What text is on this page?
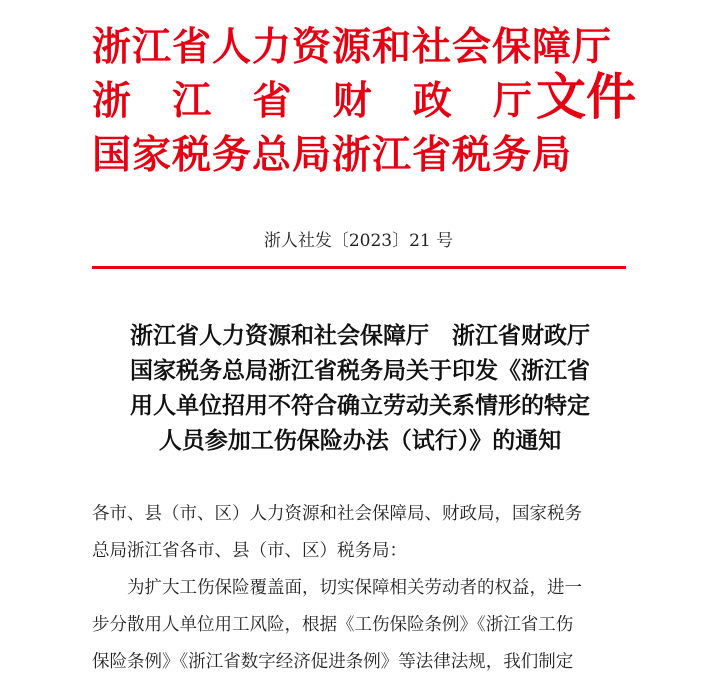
浙江省人力资源和社会保障厅
浙 江 省 财 政 厅
国家税务总局浙江省税务局
文件
浙人社发〔2023〕21 号
浙江省人力资源和社会保障厅　浙江省财政厅
国家税务总局浙江省税务局关于印发《浙江省
用人单位招用不符合确立劳动关系情形的特定
人员参加工伤保险办法（试行）》的通知
各市、县（市、区）人力资源和社会保障局、财政局，国家税务
总局浙江省各市、县（市、区）税务局：
为扩大工伤保险覆盖面，切实保障相关劳动者的权益，进一
步分散用人单位用工风险，根据《工伤保险条例》《浙江省工伤
保险条例》《浙江省数字经济促进条例》等法律法规，我们制定
